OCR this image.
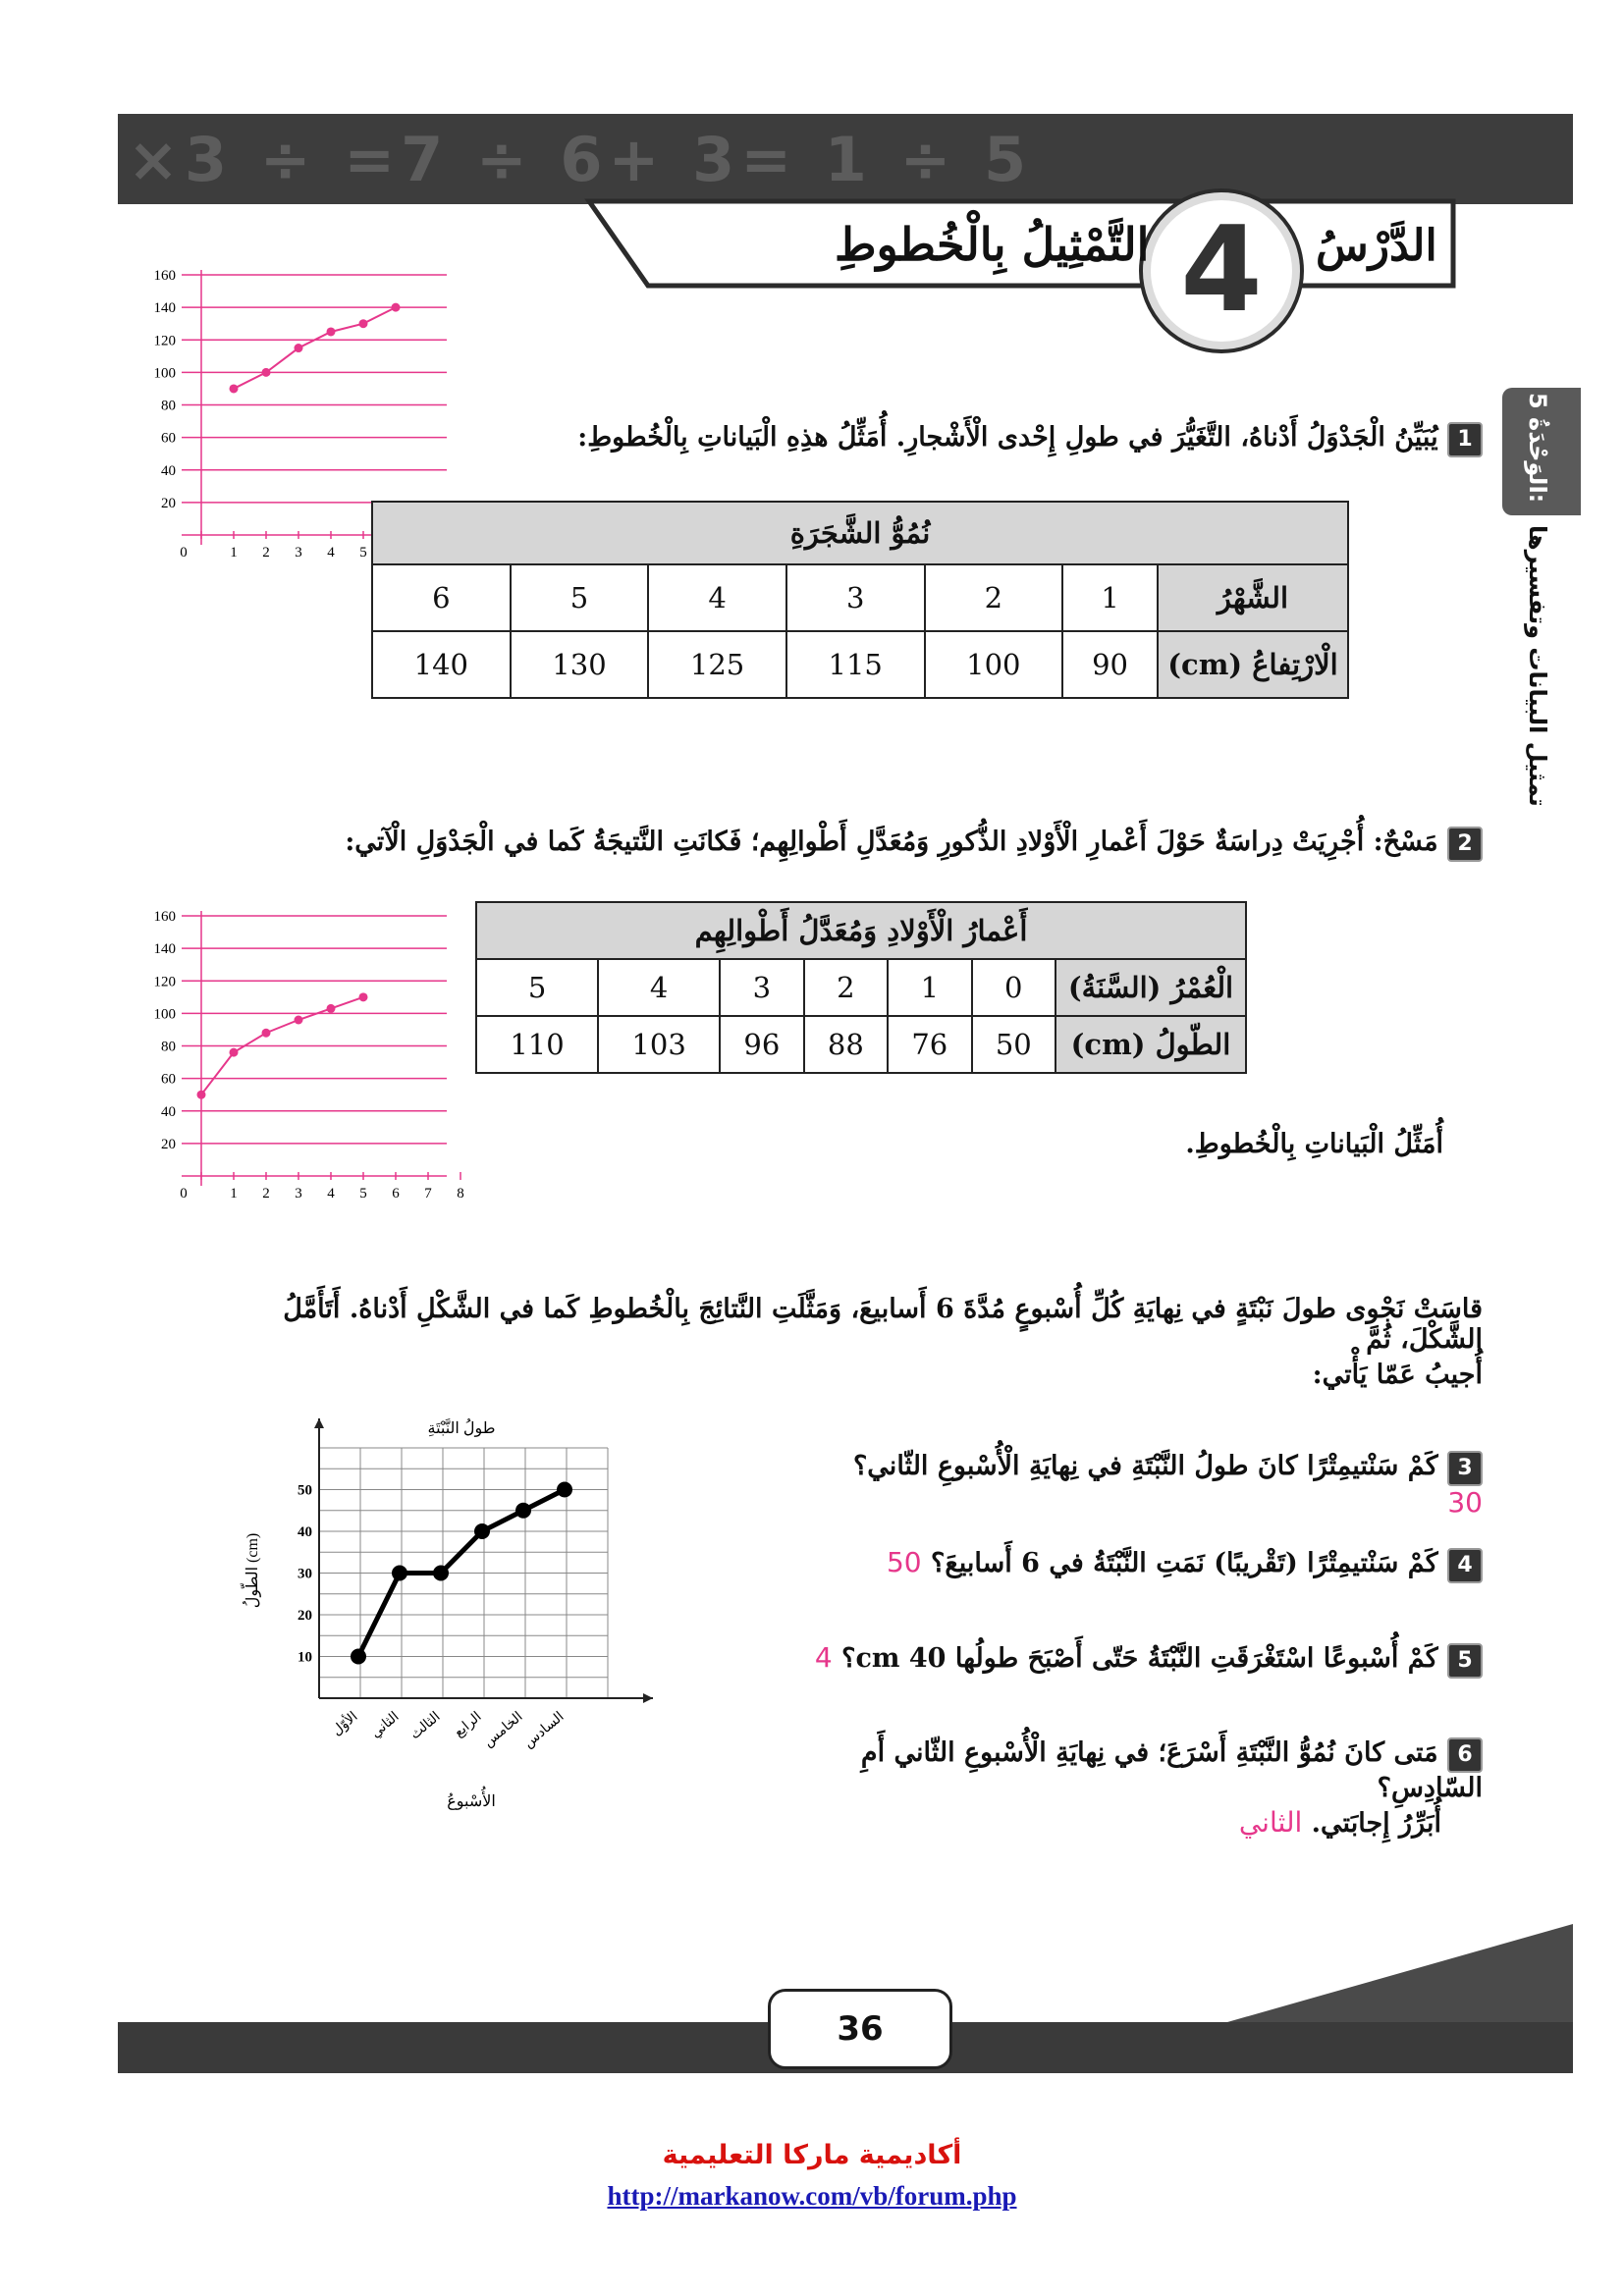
×3 ÷ =7 ÷ 6+ 3= 1 ÷ 5
4	الدَّرْسُ
التَّمْثِيلُ بِالْخُطوطِ
الوَحْدَةُ 5:
تمثيل البيانات وتفسيرها
1 يُبَيِّنُ الْجَدْوَلُ أَدْناهُ، التَّغَيُّرَ في طولِ إِحْدى الْأَشْجارِ. أُمَثِّلُ هذِهِ الْبَياناتِ بِالْخُطوطِ:
20
40
60
80
100
120
140
160
0	1 2 3 4 5
نُمُوُّ الشَّجَرَةِ						
الشَّهْرُ	1	2	3	4	5	6
الْارْتِفاعُ (cm)	90	100	115	125	130	140
2 مَسْحٌ: أُجْرِيَتْ دِراسَةٌ حَوْلَ أَعْمارِ الْأَوْلادِ الذُّكورِ وَمُعَدَّلِ أَطْوالِهِم؛ فَكانَتِ النَّتيجَةُ كَما في الْجَدْوَلِ الْآتي:
20
40
60
80
100
120
140
160
0	1 2 3 4 5 6 7 8
أَعْمارُ الْأَوْلادِ وَمُعَدَّلُ أَطْوالِهِم						
الْعُمْرُ (السَّنَةُ)	0	1	2	3	4	5
الطّولُ (cm)	50	76	88	96	103	110
أُمَثِّلُ الْبَياناتِ بِالْخُطوطِ.
قاسَتْ نَجْوى طولَ نَبْتَةٍ في نِهايَةِ كُلِّ أُسْبوعٍ مُدَّةَ 6 أَسابيعَ، وَمَثَّلَتِ النَّتائِجَ بِالْخُطوطِ كَما في الشَّكْلِ أَدْناهُ. أَتَأَمَّلُ الشَّكْلَ، ثُمَّ
أُجيبُ عَمّا يَأْتي:
10
20
30
40
50
الأوّل الثاني الثالث الرابع
الخامس
السادس
طولُ النَّبْتَةِ
الأُسْبوعُ
الطّولُ (cm)
3 كَمْ سَنْتيمِتْرًا كانَ طولُ النَّبْتَةِ في نِهايَةِ الْأُسْبوعِ الثّاني؟ 30
4 كَمْ سَنْتيمِتْرًا (تَقْريبًا) نَمَتِ النَّبْتَةُ في 6 أَسابيعَ؟ 50
5 كَمْ أُسْبوعًا اسْتَغْرَقَتِ النَّبْتَةُ حَتّى أَصْبَحَ طولُها 40 cm؟ 4
6 مَتى كانَ نُمُوُّ النَّبْتَةِ أَسْرَعَ؛ في نِهايَةِ الْأُسْبوعِ الثّاني أَمِ السّادِسِ؟
أُبَرِّرُ إِجابَتي. الثاني
36
أكاديمية ماركا التعليمية
http://markanow.com/vb/forum.php
